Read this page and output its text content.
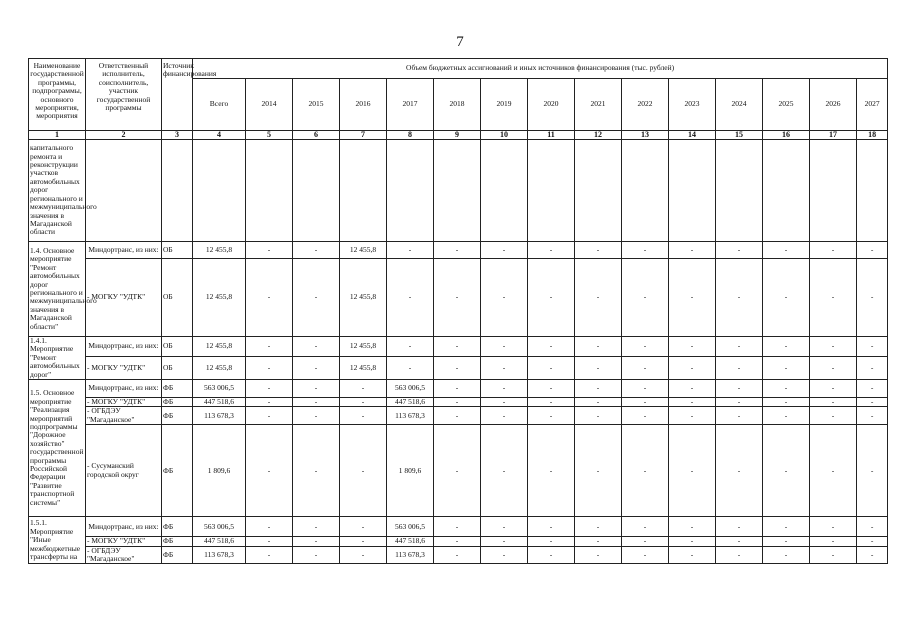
7
Наименование государственной программы, подпрограммы, основного мероприятия, мероприятия	Ответственный исполнитель, соисполнитель, участник государственной программы	Источник финансирования	Объем бюджетных ассигнований и иных источников финансирования (тыс. рублей)														
			Всего	2014	2015	2016	2017	2018	2019	2020	2021	2022	2023	2024	2025	2026	2027
1	2	3	4	5	6	7	8	9	10	11	12	13	14	15	16	17	18
капитального ремонта и реконструкции участков автомобильных дорог регионального и межмуниципального значения в Магаданской области																	
1.4. Основное мероприятие "Ремонт автомобильных дорог регионального и межмуниципального значения в Магаданской области"	Миндортранс, из них:	ОБ	12 455,8	-	-	12 455,8	-	-	-	-	-	-	-	-	-	-	-
	- МОГКУ "УДТК"	ОБ	12 455,8	-	-	12 455,8	-	-	-	-	-	-	-	-	-	-	-
1.4.1. Мероприятие "Ремонт автомобильных дорог"	Миндортранс, из них:	ОБ	12 455,8	-	-	12 455,8	-	-	-	-	-	-	-	-	-	-	-
	- МОГКУ "УДТК"	ОБ	12 455,8	-	-	12 455,8	-	-	-	-	-	-	-	-	-	-	-
1.5. Основное мероприятие "Реализация мероприятий подпрограммы "Дорожное хозяйство" государственной программы Российской Федерации "Развитие транспортной системы"	Миндортранс, из них:	ФБ	563 006,5	-	-	-	563 006,5	-	-	-	-	-	-	-	-	-	-
	- МОГКУ "УДТК"	ФБ	447 518,6	-	-	-	447 518,6	-	-	-	-	-	-	-	-	-	-
	- ОГБДЭУ "Магаданское"	ФБ	113 678,3	-	-	-	113 678,3	-	-	-	-	-	-	-	-	-	-
	- Сусуманский городской округ	ФБ	1 809,6	-	-	-	1 809,6	-	-	-	-	-	-	-	-	-	-
1.5.1. Мероприятие "Иные межбюджетные трансферты на	Миндортранс, из них:	ФБ	563 006,5	-	-	-	563 006,5	-	-	-	-	-	-	-	-	-	-
	- МОГКУ "УДТК"	ФБ	447 518,6	-	-	-	447 518,6	-	-	-	-	-	-	-	-	-	-
	- ОГБДЭУ "Магаданское"	ФБ	113 678,3	-	-	-	113 678,3	-	-	-	-	-	-	-	-	-	-
